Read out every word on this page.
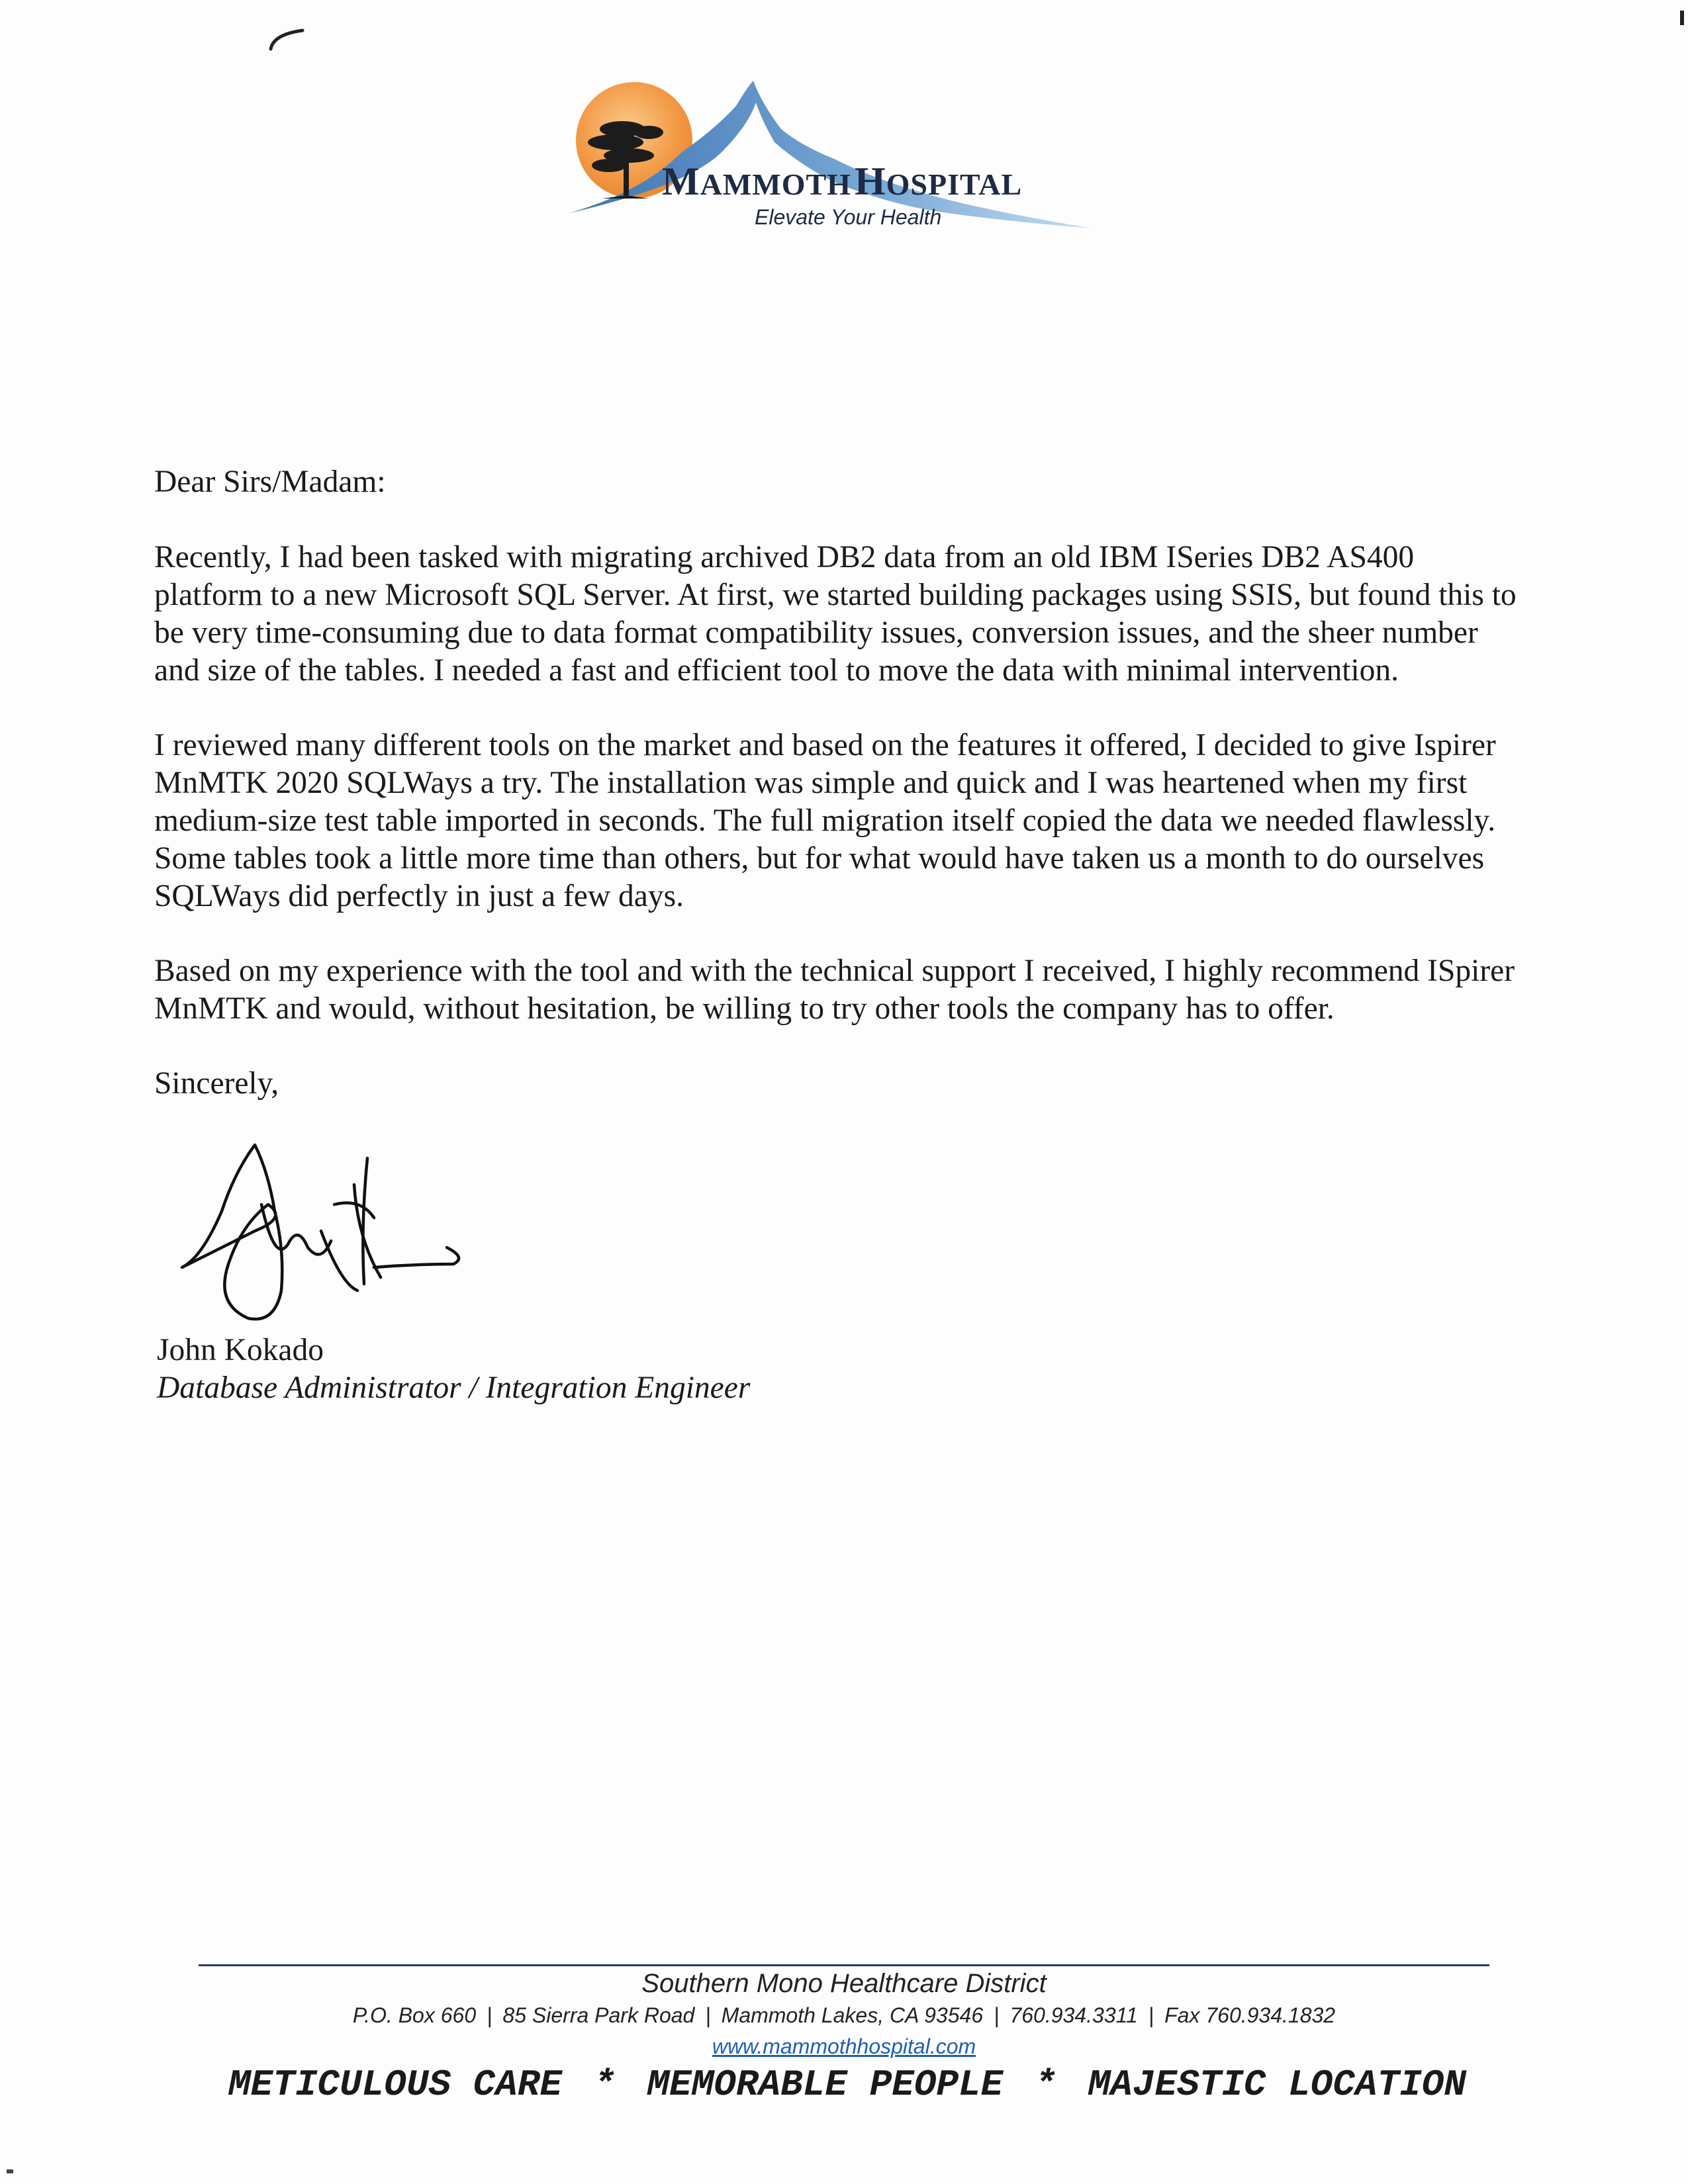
MAMMOTH HOSPITAL
Elevate Your Health

Dear Sirs/Madam:

Recently, I had been tasked with migrating archived DB2 data from an old IBM ISeries DB2 AS400 platform to a new Microsoft SQL Server. At first, we started building packages using SSIS, but found this to be very time-consuming due to data format compatibility issues, conversion issues, and the sheer number and size of the tables. I needed a fast and efficient tool to move the data with minimal intervention.

I reviewed many different tools on the market and based on the features it offered, I decided to give Ispirer MnMTK 2020 SQLWays a try. The installation was simple and quick and I was heartened when my first medium-size test table imported in seconds. The full migration itself copied the data we needed flawlessly. Some tables took a little more time than others, but for what would have taken us a month to do ourselves SQLWays did perfectly in just a few days.

Based on my experience with the tool and with the technical support I received, I highly recommend ISpirer MnMTK and would, without hesitation, be willing to try other tools the company has to offer.

Sincerely,

John Kokado
Database Administrator / Integration Engineer
Southern Mono Healthcare District
P.O. Box 660 | 85 Sierra Park Road | Mammoth Lakes, CA 93546 | 760.934.3311 | Fax 760.934.1832
www.mammothhospital.com
METICULOUS CARE * MEMORABLE PEOPLE * MAJESTIC LOCATION
